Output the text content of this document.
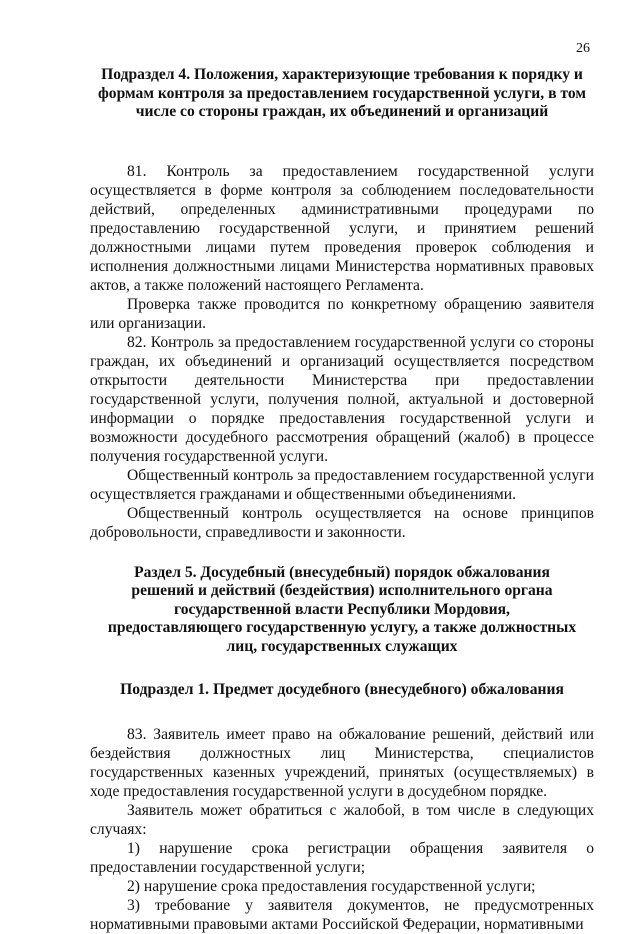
26
Подраздел 4. Положения, характеризующие требования к порядку и формам контроля за предоставлением государственной услуги, в том числе со стороны граждан, их объединений и организаций

81. Контроль за предоставлением государственной услуги осуществляется в форме контроля за соблюдением последовательности действий, определенных административными процедурами по предоставлению государственной услуги, и принятием решений должностными лицами путем проведения проверок соблюдения и исполнения должностными лицами Министерства нормативных правовых актов, а также положений настоящего Регламента.

Проверка также проводится по конкретному обращению заявителя или организации.

82. Контроль за предоставлением государственной услуги со стороны граждан, их объединений и организаций осуществляется посредством открытости деятельности Министерства при предоставлении государственной услуги, получения полной, актуальной и достоверной информации о порядке предоставления государственной услуги и возможности досудебного рассмотрения обращений (жалоб) в процессе получения государственной услуги.

Общественный контроль за предоставлением государственной услуги осуществляется гражданами и общественными объединениями.

Общественный контроль осуществляется на основе принципов добровольности, справедливости и законности.

Раздел 5. Досудебный (внесудебный) порядок обжалования решений и действий (бездействия) исполнительного органа государственной власти Республики Мордовия, предоставляющего государственную услугу, а также должностных лиц, государственных служащих
Подраздел 1. Предмет досудебного (внесудебного) обжалования

83. Заявитель имеет право на обжалование решений, действий или бездействия должностных лиц Министерства, специалистов государственных казенных учреждений, принятых (осуществляемых) в ходе предоставления государственной услуги в досудебном порядке.

Заявитель может обратиться с жалобой, в том числе в следующих случаях:

1) нарушение срока регистрации обращения заявителя о предоставлении государственной услуги;

2) нарушение срока предоставления государственной услуги;

3) требование у заявителя документов, не предусмотренных нормативными правовыми актами Российской Федерации, нормативными
